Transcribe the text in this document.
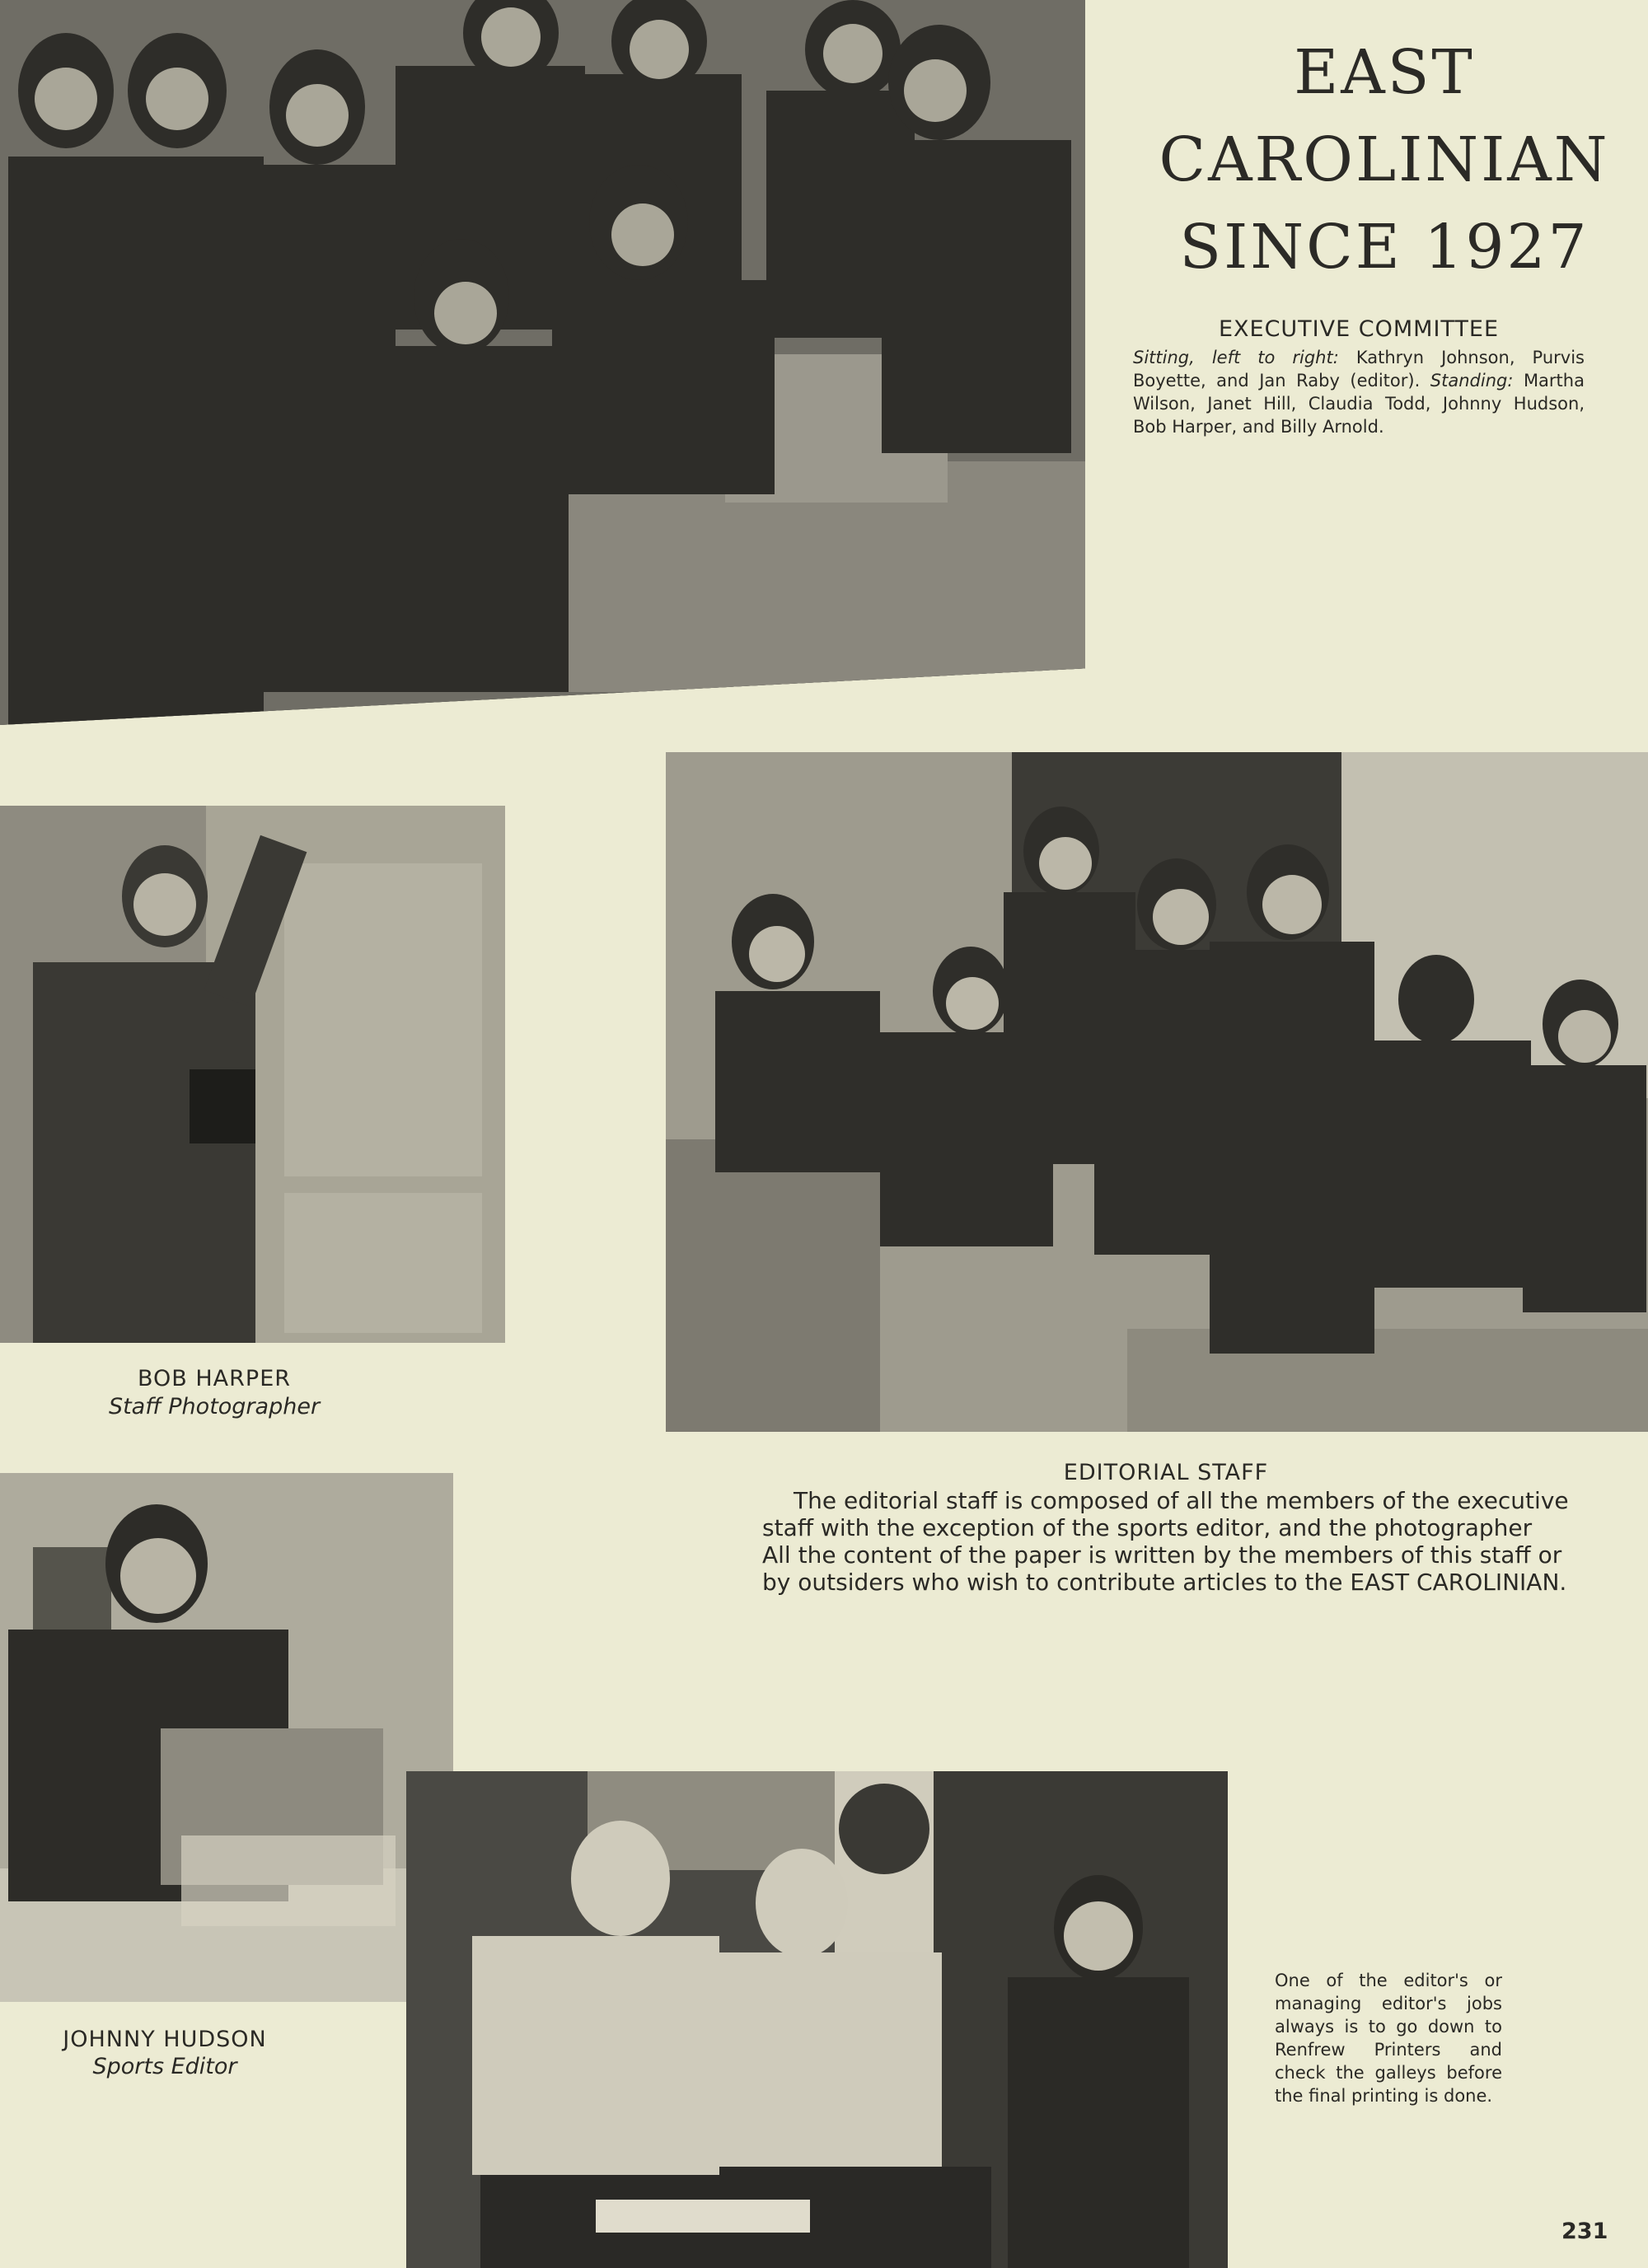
EAST
CAROLINIAN
SINCE 1927
EXECUTIVE COMMITTEE
Sitting, left to right: Kathryn Johnson, Purvis Boyette, and Jan Raby (editor). Standing: Martha Wilson, Janet Hill, Claudia Todd, Johnny Hudson, Bob Harper, and Billy Arnold.
BOB HARPER
Staff Photographer
EDITORIAL STAFF
The editorial staff is composed of all the members of the executive
staff with the exception of the sports editor, and the photographer
All the content of the paper is written by the members of this staff or
by outsiders who wish to contribute articles to the EAST CAROLINIAN.
JOHNNY HUDSON
Sports Editor
One of the editor's or
managing editor's jobs
always is to go down to
Renfrew Printers and
check the galleys before
the final printing is done.
231
